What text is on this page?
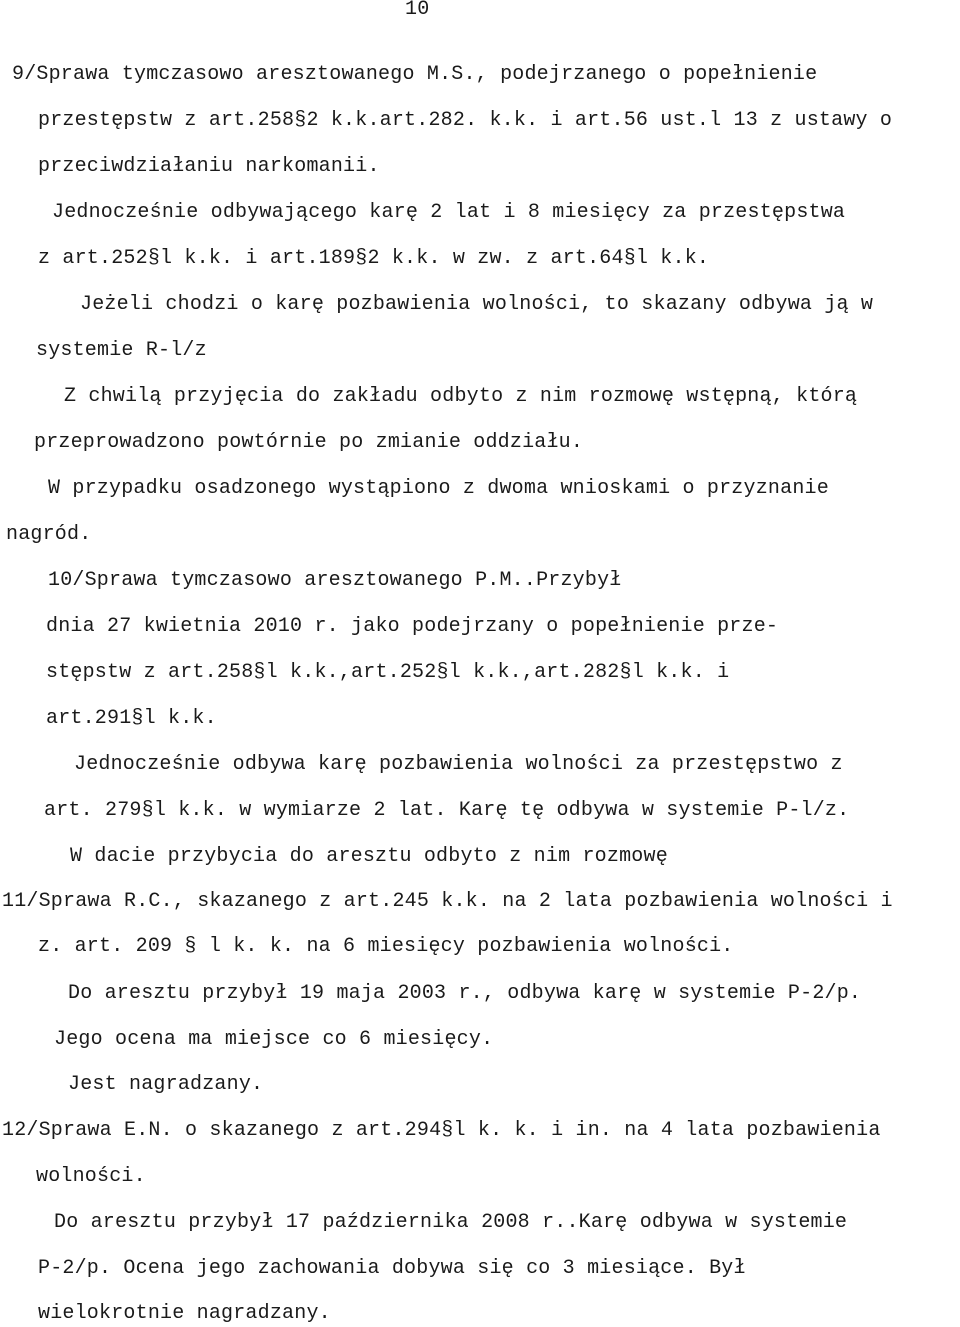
10
9/Sprawa tymczasowo aresztowanego M.S., podejrzanego o popełnienie
przestępstw z art.258§2 k.k.art.282. k.k. i art.56 ust.l 13 z ustawy o
przeciwdziałaniu narkomanii.
Jednocześnie odbywającego karę 2 lat i 8 miesięcy za przestępstwa
z art.252§l k.k. i art.189§2 k.k. w zw. z art.64§l k.k.
Jeżeli chodzi o karę pozbawienia wolności, to skazany odbywa ją w
systemie R-l/z
Z chwilą przyjęcia do zakładu odbyto z nim rozmowę wstępną, którą
przeprowadzono powtórnie po zmianie oddziału.
W przypadku osadzonego wystąpiono z dwoma wnioskami o przyznanie
nagród.
10/Sprawa tymczasowo aresztowanego P.M..Przybył
dnia 27 kwietnia 2010 r. jako podejrzany o popełnienie prze-
stępstw z art.258§l k.k.,art.252§l k.k.,art.282§l k.k. i
art.291§l k.k.
Jednocześnie odbywa karę pozbawienia wolności za przestępstwo z
art. 279§l k.k. w wymiarze 2 lat. Karę tę odbywa w systemie P-l/z.
W dacie przybycia do aresztu odbyto z nim rozmowę
11/Sprawa R.C., skazanego z art.245 k.k. na 2 lata pozbawienia wolności i
z. art. 209 § l k. k. na 6 miesięcy pozbawienia wolności.
Do aresztu przybył 19 maja 2003 r., odbywa karę w systemie P-2/p.
Jego ocena ma miejsce co 6 miesięcy.
Jest nagradzany.
12/Sprawa E.N. o skazanego z art.294§l k. k. i in. na 4 lata pozbawienia
wolności.
Do aresztu przybył 17 października 2008 r..Karę odbywa w systemie
P-2/p. Ocena jego zachowania dobywa się co 3 miesiące. Był
wielokrotnie nagradzany.
